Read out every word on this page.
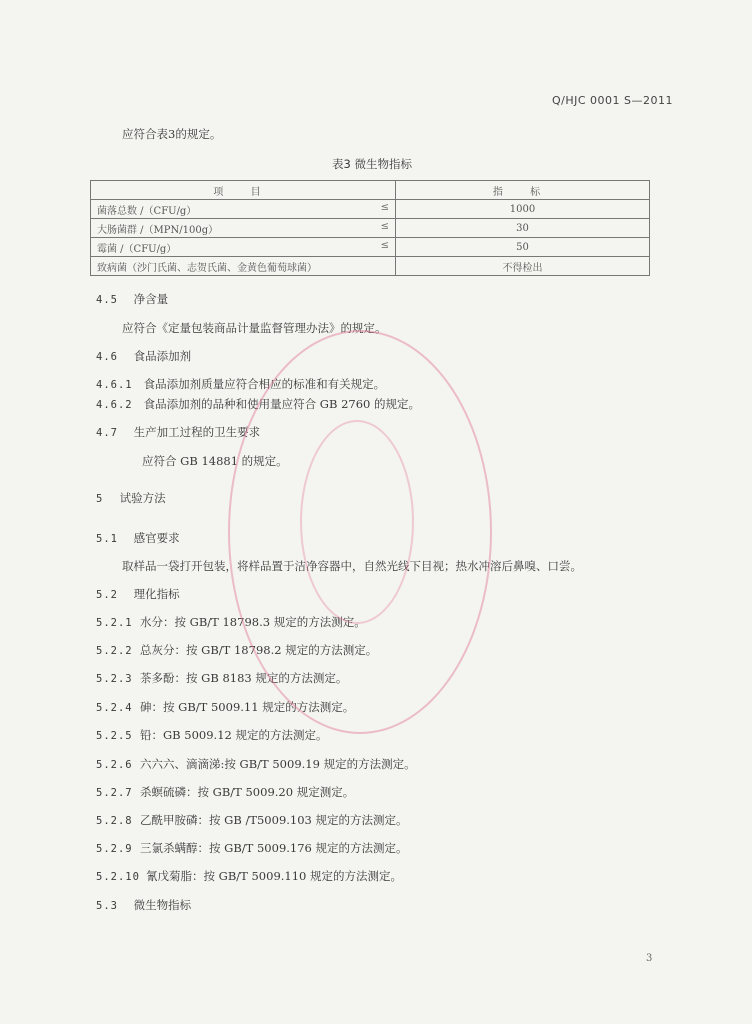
Q/HJC 0001 S—2011
应符合表3的规定。
表3 微生物指标
项 目	指 标
菌落总数 /（CFU/g） ≤	1000
大肠菌群 /（MPN/100g） ≤	30
霉菌 /（CFU/g） ≤	50
致病菌（沙门氏菌、志贺氏菌、金黄色葡萄球菌）	不得检出
4.5 净含量
应符合《定量包装商品计量监督管理办法》的规定。
4.6 食品添加剂
4.6.1 食品添加剂质量应符合相应的标准和有关规定。
4.6.2 食品添加剂的品种和使用量应符合 GB 2760 的规定。
4.7 生产加工过程的卫生要求
应符合 GB 14881 的规定。
5 试验方法
5.1 感官要求
取样品一袋打开包装，将样品置于洁净容器中，自然光线下目视；热水冲溶后鼻嗅、口尝。
5.2 理化指标
5.2.1 水分：按 GB/T 18798.3 规定的方法测定。
5.2.2 总灰分：按 GB/T 18798.2 规定的方法测定。
5.2.3 茶多酚：按 GB 8183 规定的方法测定。
5.2.4 砷：按 GB/T 5009.11 规定的方法测定。
5.2.5 铅：GB 5009.12 规定的方法测定。
5.2.6 六六六、滴滴涕:按 GB/T 5009.19 规定的方法测定。
5.2.7 杀螟硫磷：按 GB/T 5009.20 规定测定。
5.2.8 乙酰甲胺磷：按 GB /T5009.103 规定的方法测定。
5.2.9 三氯杀螨醇：按 GB/T 5009.176 规定的方法测定。
5.2.10 氰戊菊脂：按 GB/T 5009.110 规定的方法测定。
5.3 微生物指标
3
